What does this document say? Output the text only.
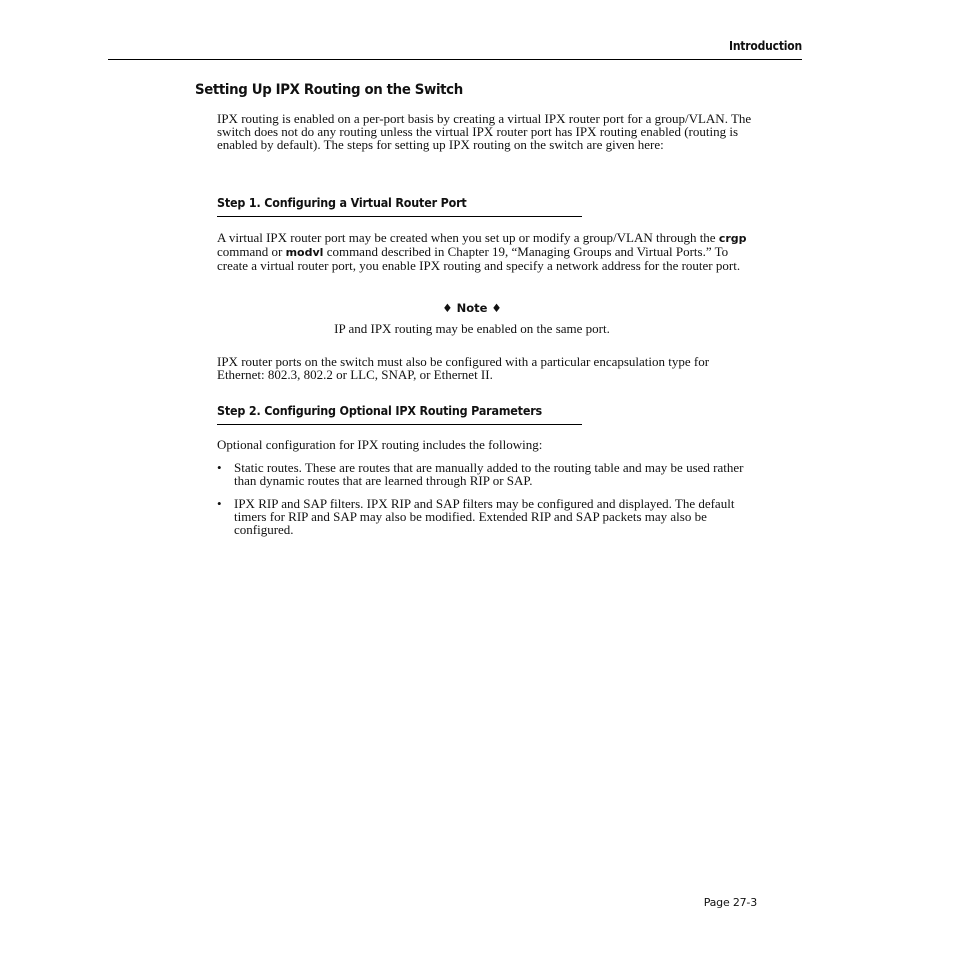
Introduction
Setting Up IPX Routing on the Switch

IPX routing is enabled on a per-port basis by creating a virtual IPX router port for a group/VLAN. The switch does not do any routing unless the virtual IPX router port has IPX routing enabled (routing is enabled by default). The steps for setting up IPX routing on the switch are given here:

Step 1. Configuring a Virtual Router Port

A virtual IPX router port may be created when you set up or modify a group/VLAN through the crgp command or modvl command described in Chapter 19, “Managing Groups and Virtual Ports.” To create a virtual router port, you enable IPX routing and specify a network address for the router port.

♦ Note ♦

IP and IPX routing may be enabled on the same port.

IPX router ports on the switch must also be configured with a particular encapsulation type for Ethernet: 802.3, 802.2 or LLC, SNAP, or Ethernet II.

Step 2. Configuring Optional IPX Routing Parameters

Optional configuration for IPX routing includes the following:

• Static routes. These are routes that are manually added to the routing table and may be used rather than dynamic routes that are learned through RIP or SAP.
• IPX RIP and SAP filters. IPX RIP and SAP filters may be configured and displayed. The default timers for RIP and SAP may also be modified. Extended RIP and SAP packets may also be configured.
Page 27-3
